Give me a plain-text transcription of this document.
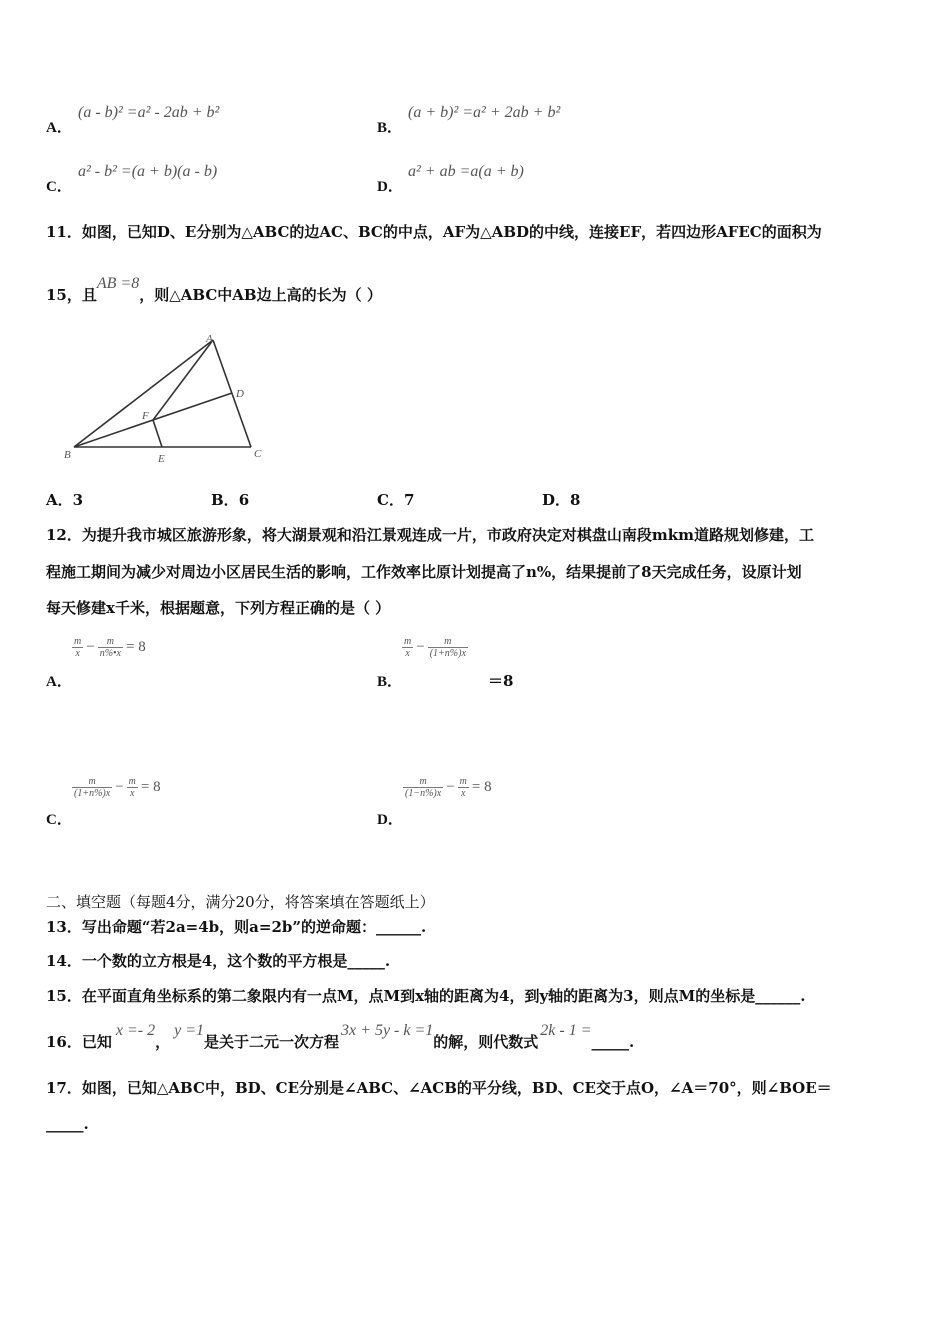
A．
(a - b)² =a² - 2ab + b²
B．
(a + b)² =a² + 2ab + b²
C．
a² - b² =(a + b)(a - b)
D．
a² + ab =a(a + b)
11．如图，已知D、E分别为△ABC的边AC、BC的中点，AF为△ABD的中线，连接EF，若四边形AFEC的面积为
15，且AB =8，则△ABC中AB边上高的长为（ ）
A
B	C
D
E
F
A．3	B．6	C．7	D．8
12．为提升我市城区旅游形象，将大湖景观和沿江景观连成一片，市政府决定对棋盘山南段mkm道路规划修建，工
程施工期间为减少对周边小区居民生活的影响，工作效率比原计划提高了n%，结果提前了8天完成任务，设原计划
每天修建x千米，根据题意，下列方程正确的是（ ）
A．
$\frac{m}{x} - \frac{m}{n\%•x} = 8$
B．
$\frac{m}{x} - \frac{m}{(1+n\%)x}$
＝8
C．
$\frac{m}{(1+n\%)x} - \frac{m}{x} = 8$
D．
$\frac{m}{(1-n\%)x} - \frac{m}{x} = 8$
二、填空题（每题4分，满分20分，将答案填在答题纸上）
13．写出命题“若2a=4b，则a=2b”的逆命题：______.
14．一个数的立方根是4，这个数的平方根是_____.
15．在平面直角坐标系的第二象限内有一点M，点M到x轴的距离为4，到y轴的距离为3，则点M的坐标是______.
16．已知x =- 2，y =1是关于二元一次方程3x + 5y - k =1的解，则代数式2k - 1 =_____.
17．如图，已知△ABC中，BD、CE分别是∠ABC、∠ACB的平分线，BD、CE交于点O，∠A＝70°，则∠BOE＝
_____.
